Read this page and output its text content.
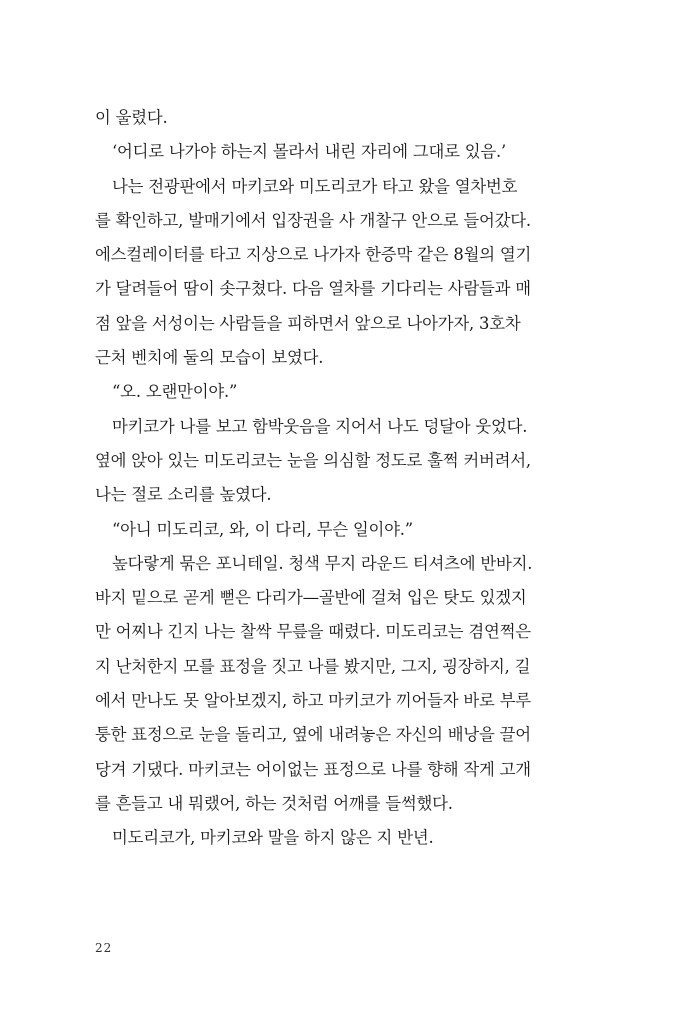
이 울렸다.
‘어디로 나가야 하는지 몰라서 내린 자리에 그대로 있음.’
나는 전광판에서 마키코와 미도리코가 타고 왔을 열차번호
를 확인하고, 발매기에서 입장권을 사 개찰구 안으로 들어갔다.
에스컬레이터를 타고 지상으로 나가자 한증막 같은 8월의 열기
가 달려들어 땀이 솟구쳤다. 다음 열차를 기다리는 사람들과 매
점 앞을 서성이는 사람들을 피하면서 앞으로 나아가자, 3호차
근처 벤치에 둘의 모습이 보였다.
“오. 오랜만이야.”
마키코가 나를 보고 함박웃음을 지어서 나도 덩달아 웃었다.
옆에 앉아 있는 미도리코는 눈을 의심할 정도로 훌쩍 커버려서,
나는 절로 소리를 높였다.
“아니 미도리코, 와, 이 다리, 무슨 일이야.”
높다랗게 묶은 포니테일. 청색 무지 라운드 티셔츠에 반바지.
바지 밑으로 곧게 뻗은 다리가—골반에 걸쳐 입은 탓도 있겠지
만 어찌나 긴지 나는 찰싹 무릎을 때렸다. 미도리코는 겸연쩍은
지 난처한지 모를 표정을 짓고 나를 봤지만, 그지, 굉장하지, 길
에서 만나도 못 알아보겠지, 하고 마키코가 끼어들자 바로 부루
퉁한 표정으로 눈을 돌리고, 옆에 내려놓은 자신의 배낭을 끌어
당겨 기댔다. 마키코는 어이없는 표정으로 나를 향해 작게 고개
를 흔들고 내 뭐랬어, 하는 것처럼 어깨를 들썩했다.
미도리코가, 마키코와 말을 하지 않은 지 반년.
22
